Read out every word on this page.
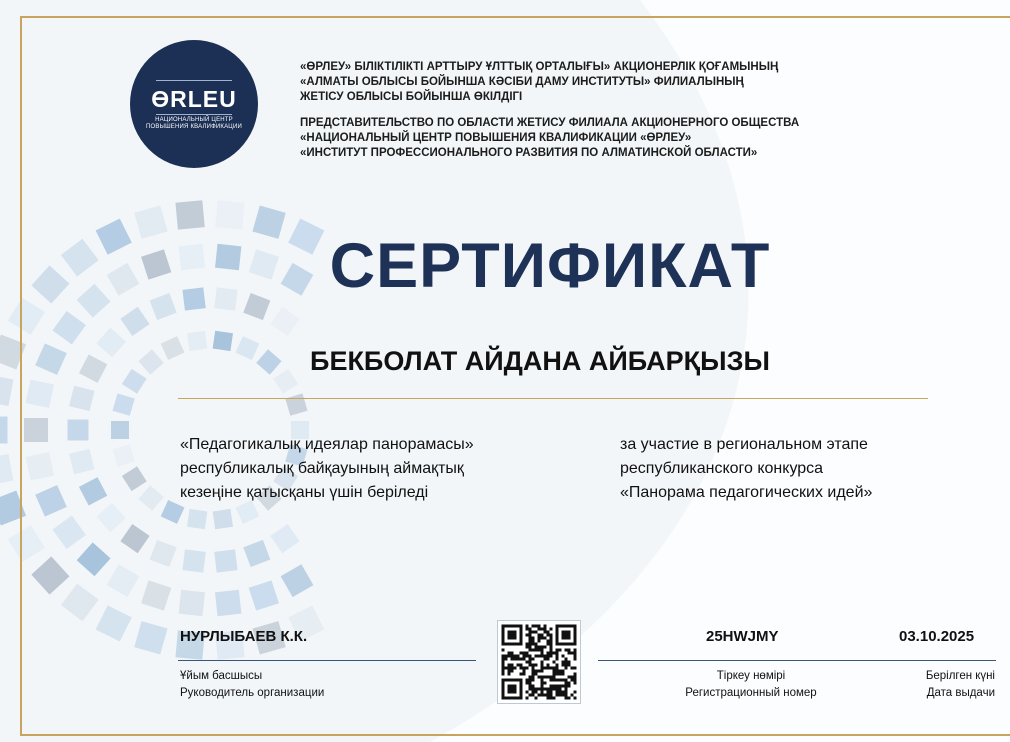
ӨRLEU
НАЦИОНАЛЬНЫЙ ЦЕНТР
ПОВЫШЕНИЯ КВАЛИФИКАЦИИ

«ӨРЛЕУ» БІЛІКТІЛІКТІ АРТТЫРУ ҰЛТТЫҚ ОРТАЛЫҒЫ» АКЦИОНЕРЛІК ҚОҒАМЫНЫҢ

«АЛМАТЫ ОБЛЫСЫ БОЙЫНША КӘСІБИ ДАМУ ИНСТИТУТЫ» ФИЛИАЛЫНЫҢ

ЖЕТІСУ ОБЛЫСЫ БОЙЫНША ӨКІЛДІГІ

ПРЕДСТАВИТЕЛЬСТВО ПО ОБЛАСТИ ЖЕТИСУ ФИЛИАЛА АКЦИОНЕРНОГО ОБЩЕСТВА

«НАЦИОНАЛЬНЫЙ ЦЕНТР ПОВЫШЕНИЯ КВАЛИФИКАЦИИ «ӨРЛЕУ»

«ИНСТИТУТ ПРОФЕССИОНАЛЬНОГО РАЗВИТИЯ ПО АЛМАТИНСКОЙ ОБЛАСТИ»

СЕРТИФИКАТ
БЕКБОЛАТ АЙДАНА АЙБАРҚЫЗЫ

«Педагогикалық идеялар панорамасы»

республикалық байқауының аймақтық

кезеңіне қатысқаны үшін беріледі

за участие в региональном этапе

республиканского конкурса

«Панорама педагогических идей»

НУРЛЫБАЕВ К.К.

Ұйым басшысы

Руководитель организации

25HWJMY

Тіркеу нөмірі

Регистрационный номер

03.10.2025

Берілген күні

Дата выдачи
